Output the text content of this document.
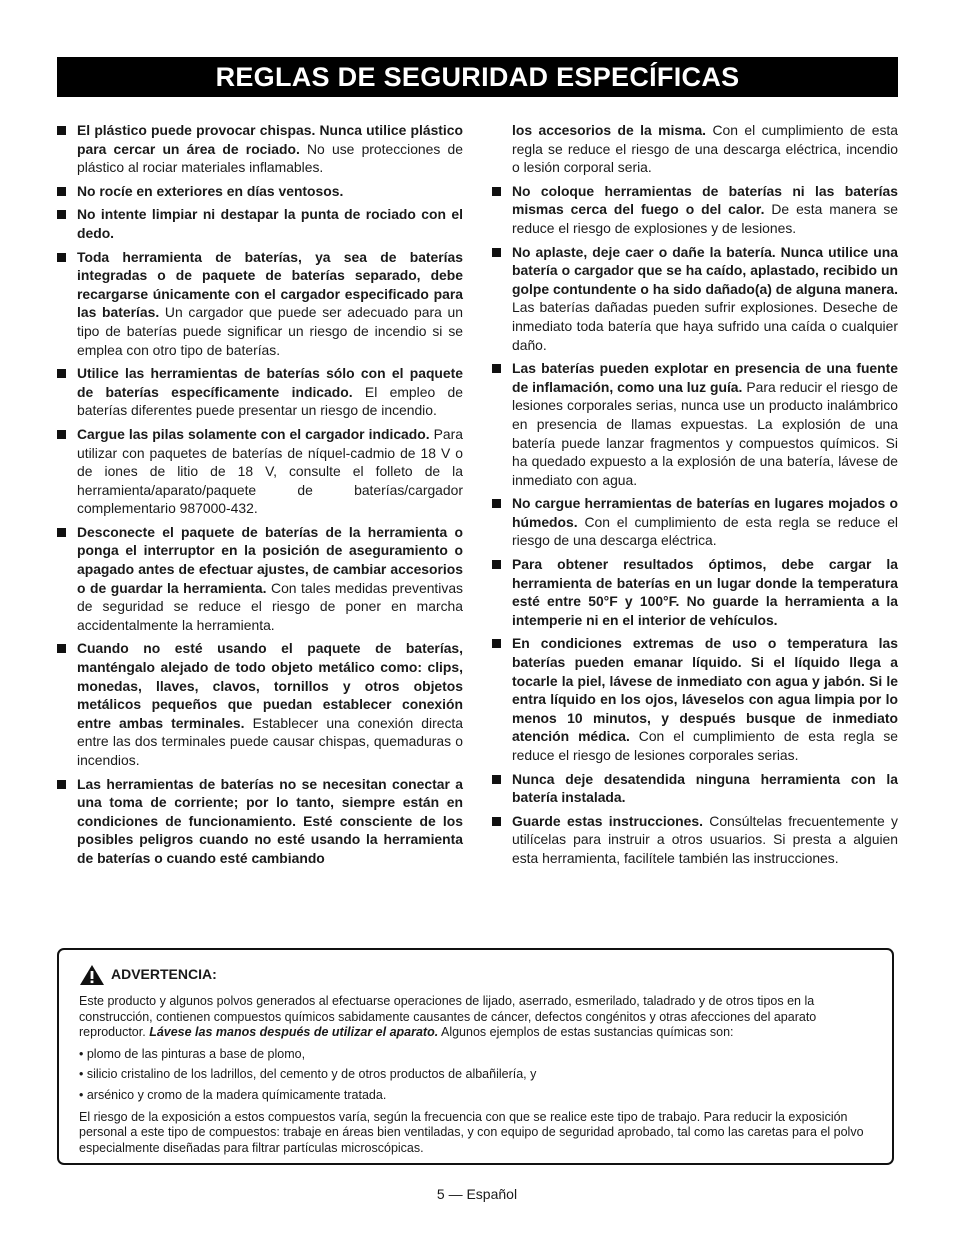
REGLAS DE SEGURIDAD ESPECÍFICAS
El plástico puede provocar chispas. Nunca utilice plástico para cercar un área de rociado. No use protecciones de plástico al rociar materiales inflamables.
No rocíe en exteriores en días ventosos.
No intente limpiar ni destapar la punta de rociado con el dedo.
Toda herramienta de baterías, ya sea de baterías integradas o de paquete de baterías separado, debe recargarse únicamente con el cargador especificado para las baterías. Un cargador que puede ser adecuado para un tipo de baterías puede significar un riesgo de incendio si se emplea con otro tipo de baterías.
Utilice las herramientas de baterías sólo con el paquete de baterías específicamente indicado. El empleo de baterías diferentes puede presentar un riesgo de incendio.
Cargue las pilas solamente con el cargador indicado. Para utilizar con paquetes de baterías de níquel-cadmio de 18 V o de iones de litio de 18 V, consulte el folleto de la herramienta/aparato/paquete de baterías/cargador complementario 987000-432.
Desconecte el paquete de baterías de la herramienta o ponga el interruptor en la posición de aseguramiento o apagado antes de efectuar ajustes, de cambiar accesorios o de guardar la herramienta. Con tales medidas preventivas de seguridad se reduce el riesgo de poner en marcha accidentalmente la herramienta.
Cuando no esté usando el paquete de baterías, manténgalo alejado de todo objeto metálico como: clips, monedas, llaves, clavos, tornillos y otros objetos metálicos pequeños que puedan establecer conexión entre ambas terminales. Establecer una conexión directa entre las dos terminales puede causar chispas, quemaduras o incendios.
Las herramientas de baterías no se necesitan conectar a una toma de corriente; por lo tanto, siempre están en condiciones de funcionamiento. Esté consciente de los posibles peligros cuando no esté usando la herramienta de baterías o cuando esté cambiando
los accesorios de la misma. Con el cumplimiento de esta regla se reduce el riesgo de una descarga eléctrica, incendio o lesión corporal seria.
No coloque herramientas de baterías ni las baterías mismas cerca del fuego o del calor. De esta manera se reduce el riesgo de explosiones y de lesiones.
No aplaste, deje caer o dañe la batería. Nunca utilice una batería o cargador que se ha caído, aplastado, recibido un golpe contundente o ha sido dañado(a) de alguna manera. Las baterías dañadas pueden sufrir explosiones. Deseche de inmediato toda batería que haya sufrido una caída o cualquier daño.
Las baterías pueden explotar en presencia de una fuente de inflamación, como una luz guía. Para reducir el riesgo de lesiones corporales serias, nunca use un producto inalámbrico en presencia de llamas expuestas. La explosión de una batería puede lanzar fragmentos y compuestos químicos. Si ha quedado expuesto a la explosión de una batería, lávese de inmediato con agua.
No cargue herramientas de baterías en lugares mojados o húmedos. Con el cumplimiento de esta regla se reduce el riesgo de una descarga eléctrica.
Para obtener resultados óptimos, debe cargar la herramienta de baterías en un lugar donde la temperatura esté entre 50°F y 100°F. No guarde la herramienta a la intemperie ni en el interior de vehículos.
En condiciones extremas de uso o temperatura las baterías pueden emanar líquido. Si el líquido llega a tocarle la piel, lávese de inmediato con agua y jabón. Si le entra líquido en los ojos, láveselos con agua limpia por lo menos 10 minutos, y después busque de inmediato atención médica. Con el cumplimiento de esta regla se reduce el riesgo de lesiones corporales serias.
Nunca deje desatendida ninguna herramienta con la batería instalada.
Guarde estas instrucciones. Consúltelas frecuentemente y utilícelas para instruir a otros usuarios. Si presta a alguien esta herramienta, facilítele también las instrucciones.
ADVERTENCIA:

Este producto y algunos polvos generados al efectuarse operaciones de lijado, aserrado, esmerilado, taladrado y de otros tipos en la construcción, contienen compuestos químicos sabidamente causantes de cáncer, defectos congénitos y otras afecciones del aparato reproductor. Lávese las manos después de utilizar el aparato. Algunos ejemplos de estas sustancias químicas son:

• plomo de las pinturas a base de plomo,
• silicio cristalino de los ladrillos, del cemento y de otros productos de albañilería, y
• arsénico y cromo de la madera químicamente tratada.

El riesgo de la exposición a estos compuestos varía, según la frecuencia con que se realice este tipo de trabajo. Para reducir la exposición personal a este tipo de compuestos: trabaje en áreas bien ventiladas, y con equipo de seguridad aprobado, tal como las caretas para el polvo especialmente diseñadas para filtrar partículas microscópicas.

5 — Español
